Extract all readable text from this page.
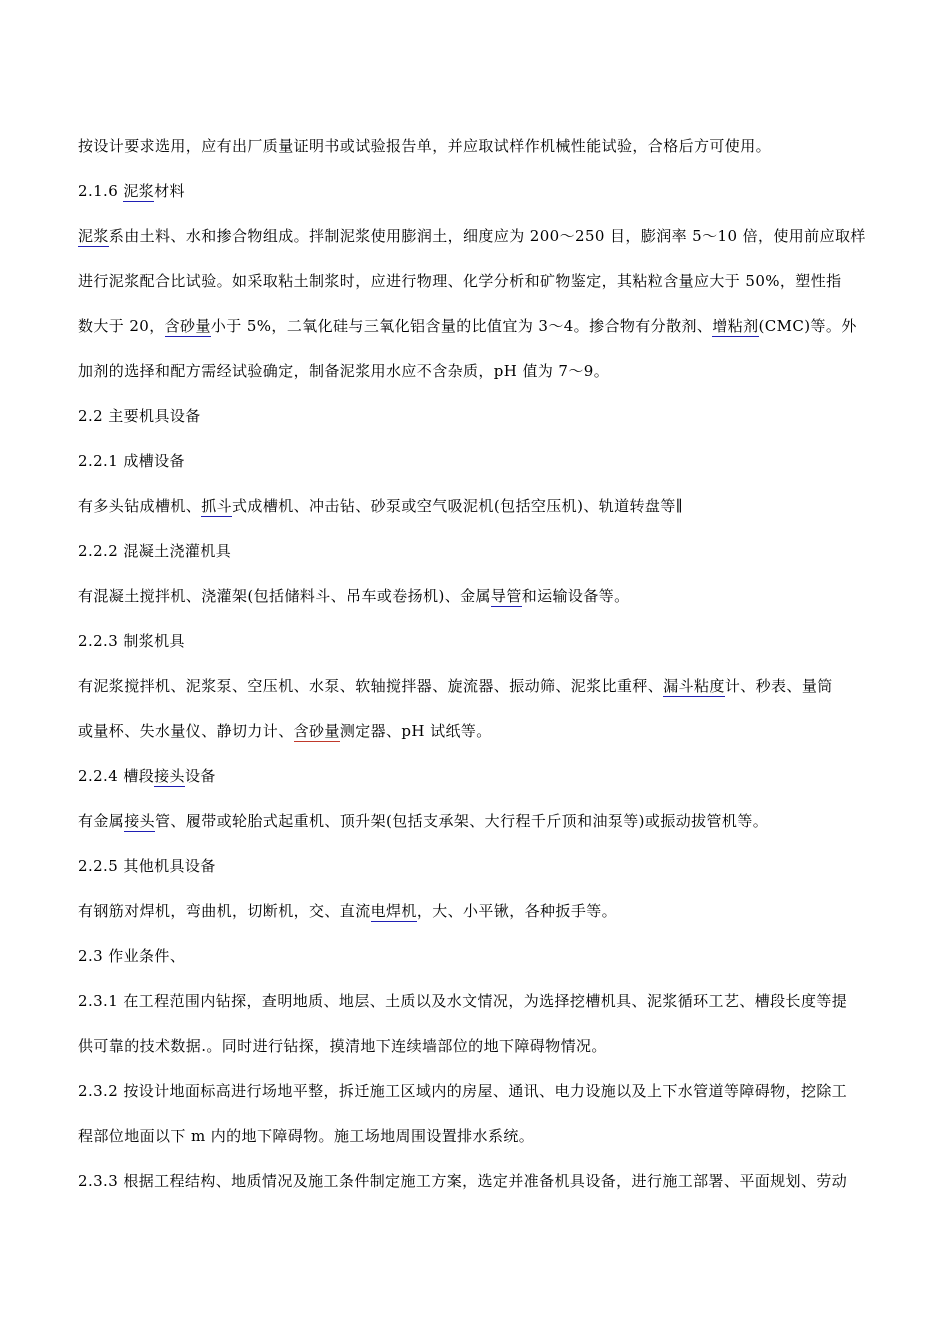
按设计要求选用，应有出厂质量证明书或试验报告单，并应取试样作机械性能试验，合格后方可使用。
2.1.6 泥浆材料
泥浆系由土料、水和掺合物组成。拌制泥浆使用膨润土，细度应为 200～250 目，膨润率 5～10 倍，使用前应取样
进行泥浆配合比试验。如采取粘土制浆时，应进行物理、化学分析和矿物鉴定，其粘粒含量应大于 50%，塑性指
数大于 20，含砂量小于 5%，二氧化硅与三氧化铝含量的比值宜为 3～4。掺合物有分散剂、增粘剂(CMC)等。外
加剂的选择和配方需经试验确定，制备泥浆用水应不含杂质，pH 值为 7～9。
2.2 主要机具设备
2.2.1 成槽设备
有多头钻成槽机、抓斗式成槽机、冲击钻、砂泵或空气吸泥机(包括空压机)、轨道转盘等∥
2.2.2 混凝土浇灌机具
有混凝土搅拌机、浇灌架(包括储料斗、吊车或卷扬机)、金属导管和运输设备等。
2.2.3 制浆机具
有泥浆搅拌机、泥浆泵、空压机、水泵、软轴搅拌器、旋流器、振动筛、泥浆比重秤、漏斗粘度计、秒表、量筒
或量杯、失水量仪、静切力计、含砂量测定器、pH 试纸等。
2.2.4 槽段接头设备
有金属接头管、履带或轮胎式起重机、顶升架(包括支承架、大行程千斤顶和油泵等)或振动拔管机等。
2.2.5 其他机具设备
有钢筋对焊机，弯曲机，切断机，交、直流电焊机，大、小平锹，各种扳手等。
2.3 作业条件、
2.3.1 在工程范围内钻探，查明地质、地层、土质以及水文情况，为选择挖槽机具、泥浆循环工艺、槽段长度等提
供可靠的技术数据.。同时进行钻探，摸清地下连续墙部位的地下障碍物情况。
2.3.2 按设计地面标高进行场地平整，拆迁施工区域内的房屋、通讯、电力设施以及上下水管道等障碍物，挖除工
程部位地面以下 m 内的地下障碍物。施工场地周围设置排水系统。
2.3.3 根据工程结构、地质情况及施工条件制定施工方案，选定并准备机具设备，进行施工部署、平面规划、劳动
